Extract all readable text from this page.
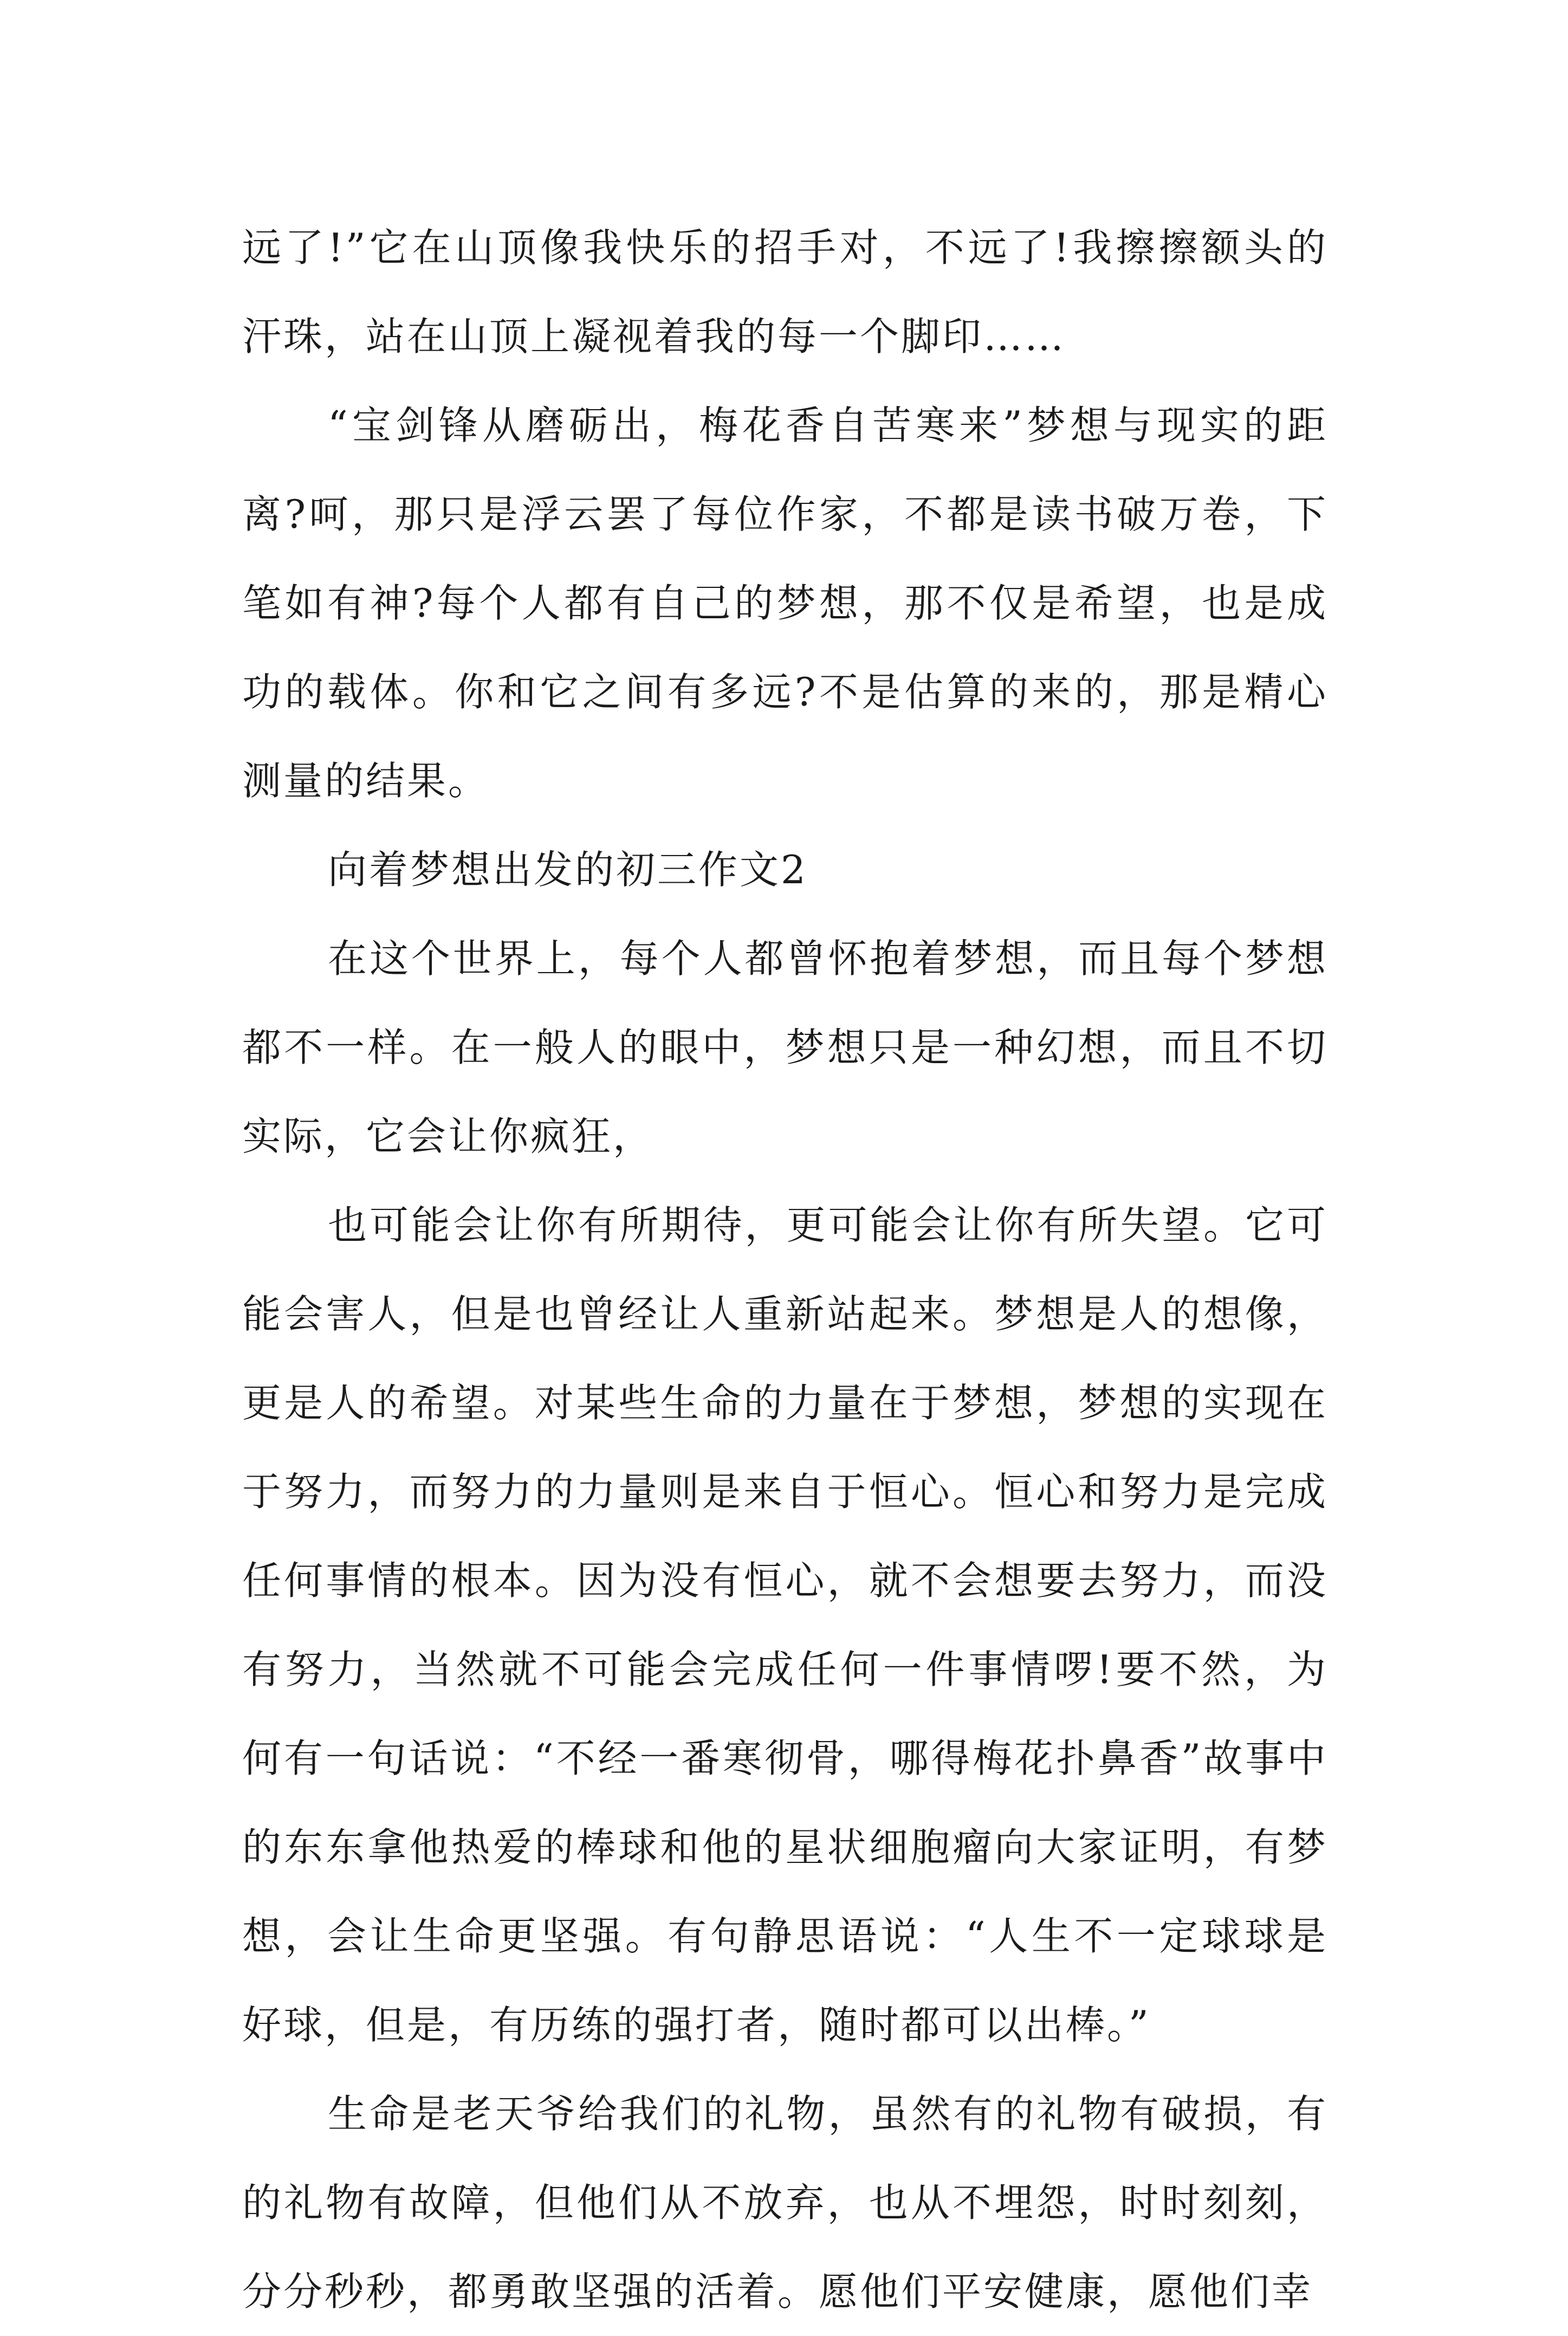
远了!”它在山顶像我快乐的招手对，不远了!我擦擦额头的汗珠，站在山顶上凝视着我的每一个脚印……

“宝剑锋从磨砺出，梅花香自苦寒来”梦想与现实的距离?呵，那只是浮云罢了每位作家，不都是读书破万卷，下笔如有神?每个人都有自己的梦想，那不仅是希望，也是成功的载体。你和它之间有多远?不是估算的来的，那是精心测量的结果。

向着梦想出发的初三作文2

在这个世界上，每个人都曾怀抱着梦想，而且每个梦想都不一样。在一般人的眼中，梦想只是一种幻想，而且不切实际，它会让你疯狂，

也可能会让你有所期待，更可能会让你有所失望。它可能会害人，但是也曾经让人重新站起来。梦想是人的想像，更是人的希望。对某些生命的力量在于梦想，梦想的实现在于努力，而努力的力量则是来自于恒心。恒心和努力是完成任何事情的根本。因为没有恒心，就不会想要去努力，而没有努力，当然就不可能会完成任何一件事情啰!要不然，为何有一句话说：“不经一番寒彻骨，哪得梅花扑鼻香”故事中的东东拿他热爱的棒球和他的星状细胞瘤向大家证明，有梦想，会让生命更坚强。有句静思语说：“人生不一定球球是好球，但是，有历练的强打者，随时都可以出棒。”

生命是老天爷给我们的礼物，虽然有的礼物有破损，有的礼物有故障，但他们从不放弃，也从不埋怨，时时刻刻，分分秒秒，都勇敢坚强的活着。愿他们平安健康，愿他们幸
